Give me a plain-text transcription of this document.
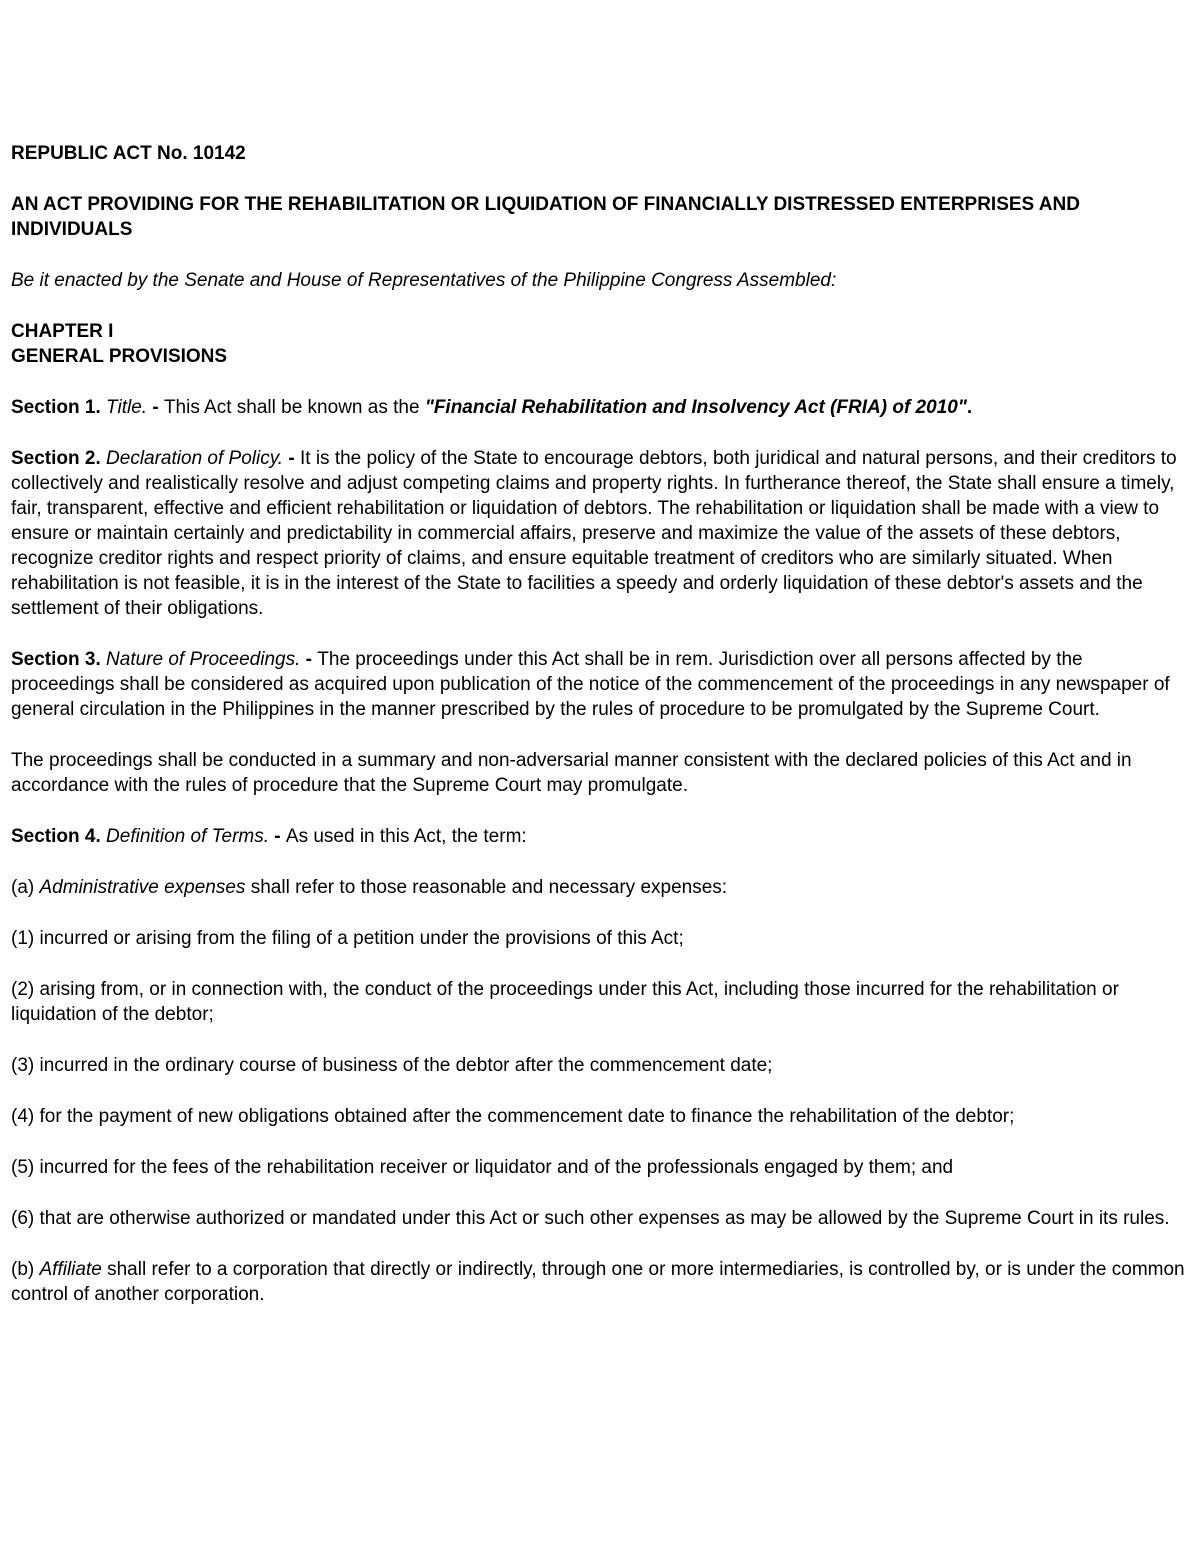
REPUBLIC ACT No. 10142

AN ACT PROVIDING FOR THE REHABILITATION OR LIQUIDATION OF FINANCIALLY DISTRESSED ENTERPRISES AND INDIVIDUALS

Be it enacted by the Senate and House of Representatives of the Philippine Congress Assembled:

CHAPTER I
GENERAL PROVISIONS

Section 1. Title. - This Act shall be known as the "Financial Rehabilitation and Insolvency Act (FRIA) of 2010".

Section 2. Declaration of Policy. - It is the policy of the State to encourage debtors, both juridical and natural persons, and their creditors to collectively and realistically resolve and adjust competing claims and property rights. In furtherance thereof, the State shall ensure a timely, fair, transparent, effective and efficient rehabilitation or liquidation of debtors. The rehabilitation or liquidation shall be made with a view to ensure or maintain certainly and predictability in commercial affairs, preserve and maximize the value of the assets of these debtors, recognize creditor rights and respect priority of claims, and ensure equitable treatment of creditors who are similarly situated. When rehabilitation is not feasible, it is in the interest of the State to facilities a speedy and orderly liquidation of these debtor's assets and the settlement of their obligations.

Section 3. Nature of Proceedings. - The proceedings under this Act shall be in rem. Jurisdiction over all persons affected by the proceedings shall be considered as acquired upon publication of the notice of the commencement of the proceedings in any newspaper of general circulation in the Philippines in the manner prescribed by the rules of procedure to be promulgated by the Supreme Court.

The proceedings shall be conducted in a summary and non-adversarial manner consistent with the declared policies of this Act and in accordance with the rules of procedure that the Supreme Court may promulgate.

Section 4. Definition of Terms. - As used in this Act, the term:

(a) Administrative expenses shall refer to those reasonable and necessary expenses:

(1) incurred or arising from the filing of a petition under the provisions of this Act;

(2) arising from, or in connection with, the conduct of the proceedings under this Act, including those incurred for the rehabilitation or liquidation of the debtor;

(3) incurred in the ordinary course of business of the debtor after the commencement date;

(4) for the payment of new obligations obtained after the commencement date to finance the rehabilitation of the debtor;

(5) incurred for the fees of the rehabilitation receiver or liquidator and of the professionals engaged by them; and

(6) that are otherwise authorized or mandated under this Act or such other expenses as may be allowed by the Supreme Court in its rules.

(b) Affiliate shall refer to a corporation that directly or indirectly, through one or more intermediaries, is controlled by, or is under the common control of another corporation.
